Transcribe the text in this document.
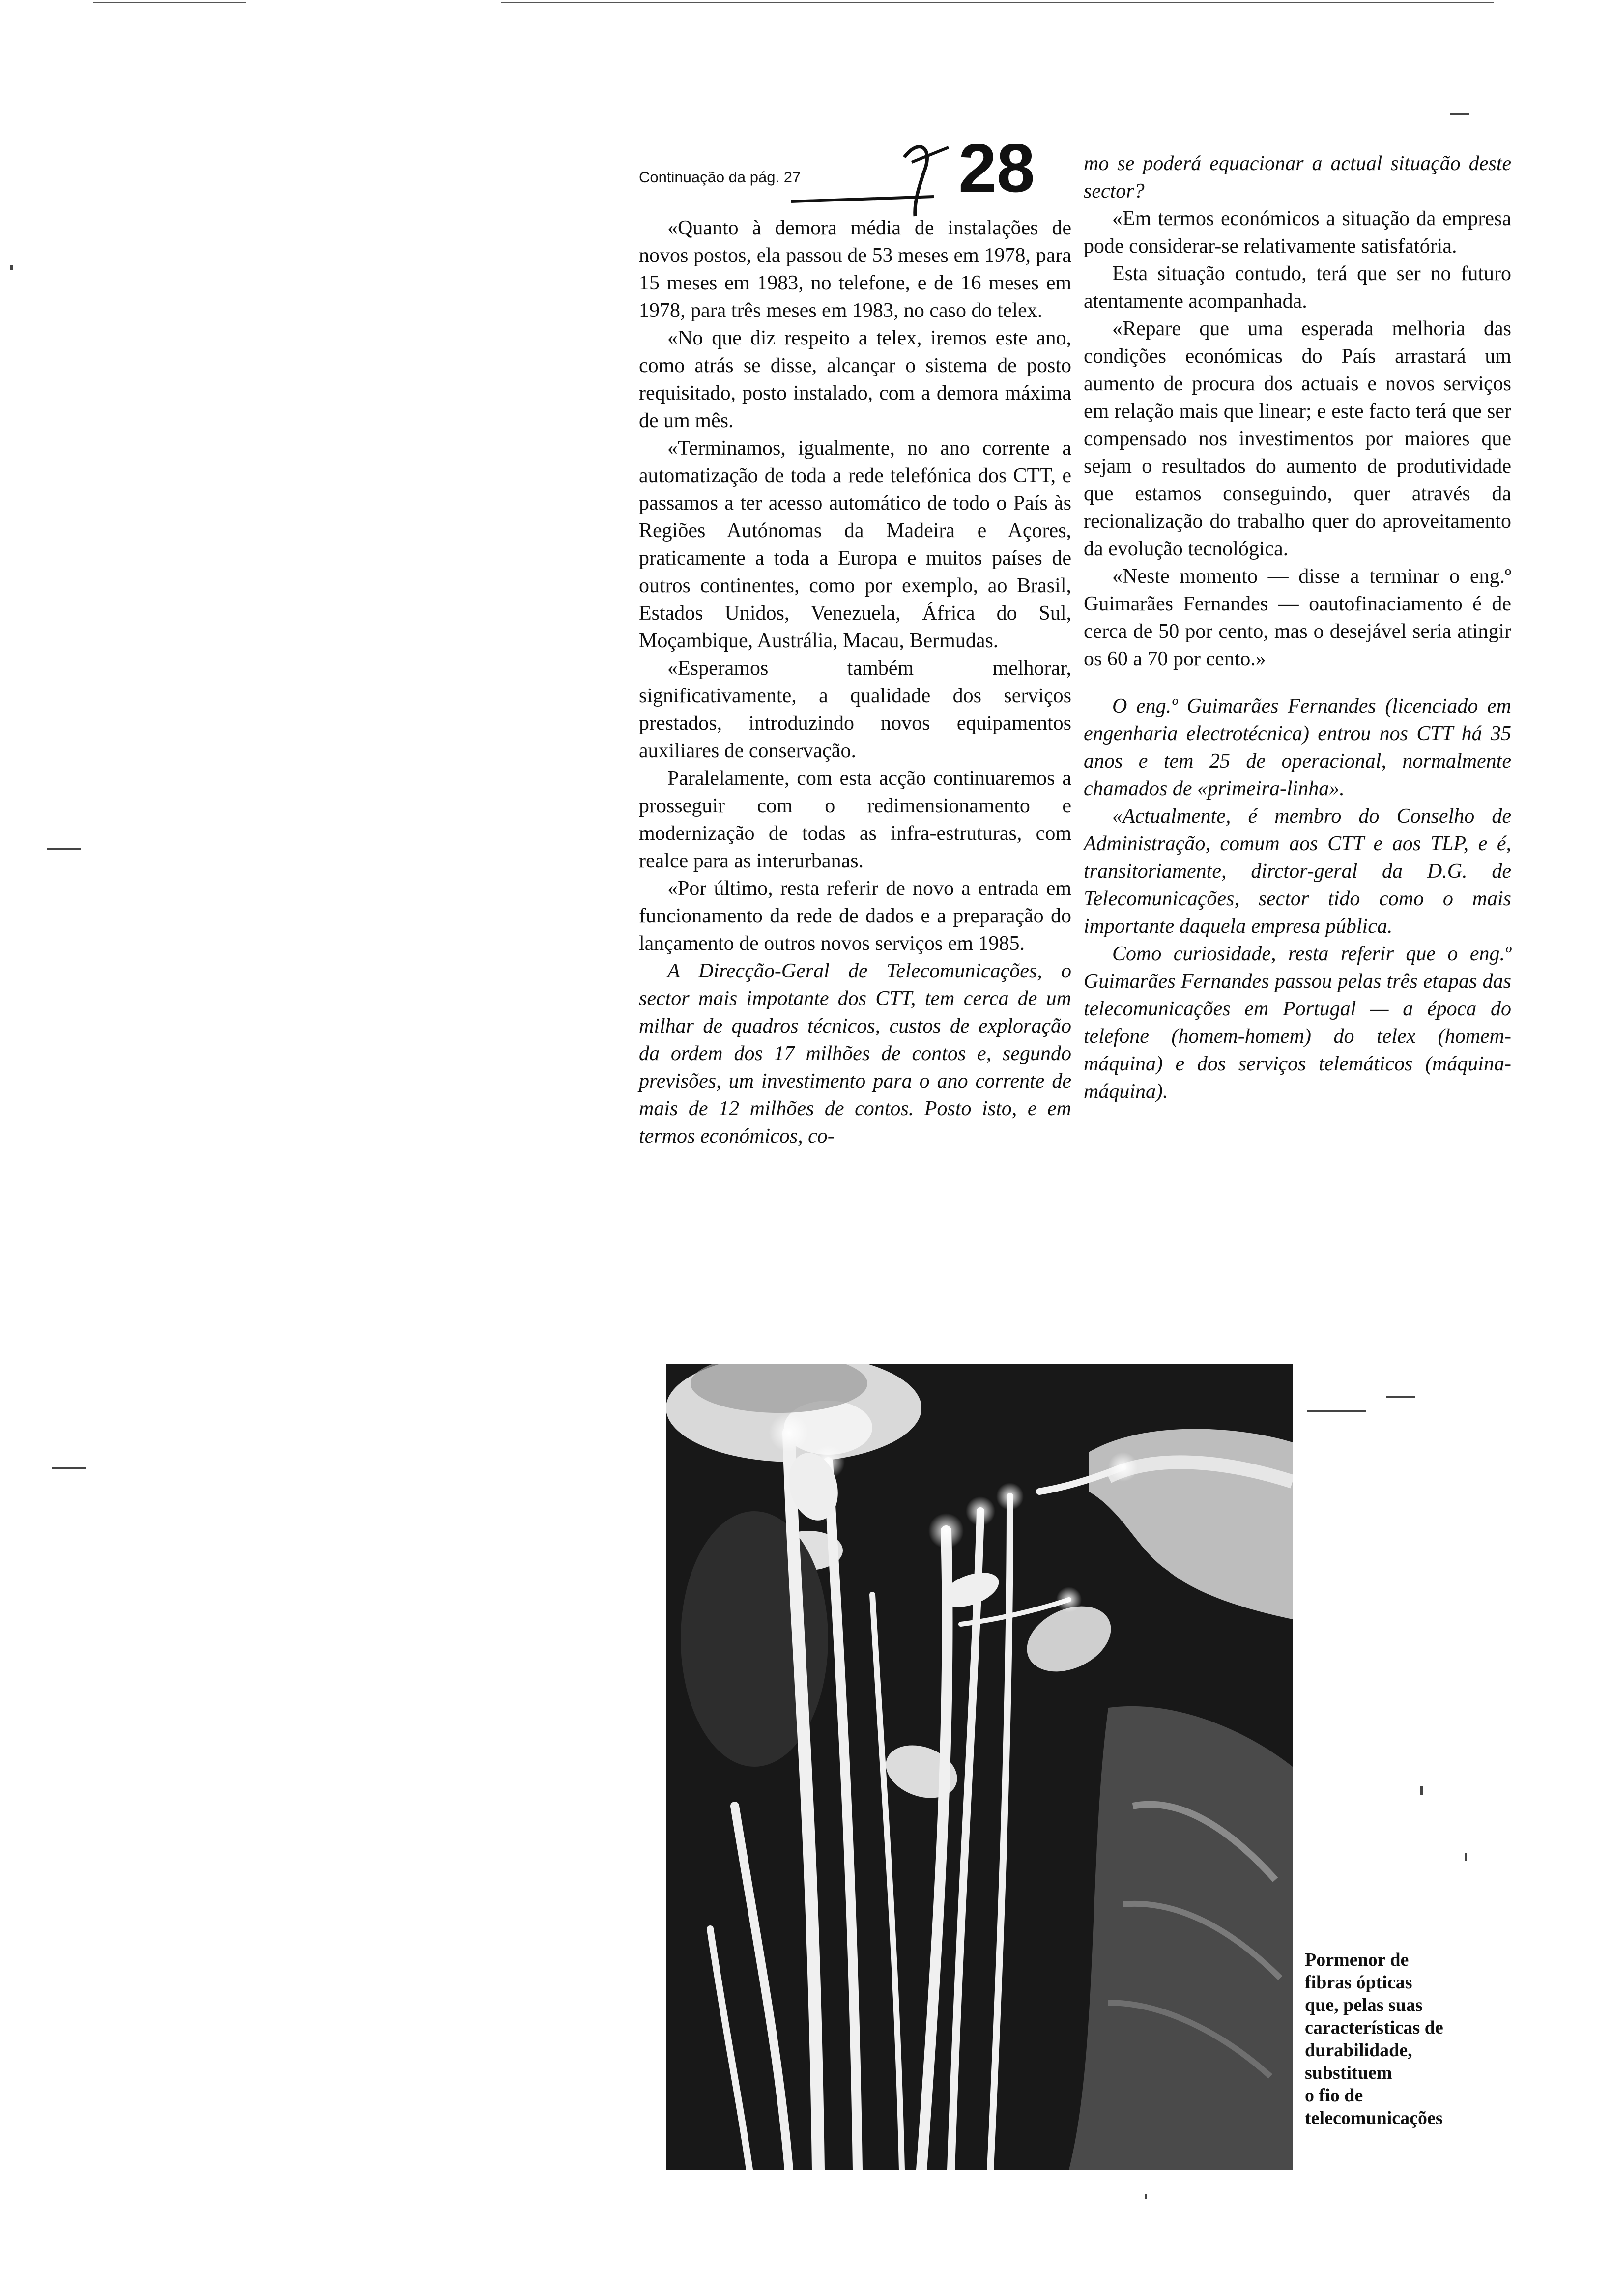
Continuação da pág. 27 28

«Quanto à demora média de instalações de novos postos, ela passou de 53 meses em 1978, para 15 meses em 1983, no telefone, e de 16 meses em 1978, para três meses em 1983, no caso do telex.

«No que diz respeito a telex, iremos este ano, como atrás se disse, alcançar o sistema de posto requisitado, posto instalado, com a demora máxima de um mês.

«Terminamos, igualmente, no ano corrente a automatização de toda a rede telefónica dos CTT, e passamos a ter acesso automático de todo o País às Regiões Autónomas da Madeira e Açores, praticamente a toda a Europa e muitos países de outros continentes, como por exemplo, ao Brasil, Estados Unidos, Venezuela, África do Sul, Moçambique, Austrália, Macau, Bermudas.

«Esperamos também melhorar, significativamente, a qualidade dos serviços prestados, introduzindo novos equipamentos auxiliares de conservação.

Paralelamente, com esta acção continuaremos a prosseguir com o redimensionamento e modernização de todas as infra-estruturas, com realce para as interurbanas.

«Por último, resta referir de novo a entrada em funcionamento da rede de dados e a preparação do lançamento de outros novos serviços em 1985.

A Direcção-Geral de Telecomunicações, o sector mais impotante dos CTT, tem cerca de um milhar de quadros técnicos, custos de exploração da ordem dos 17 milhões de contos e, segundo previsões, um investimento para o ano corrente de mais de 12 milhões de contos. Posto isto, e em termos económicos, co-

mo se poderá equacionar a actual situação deste sector?

«Em termos económicos a situação da empresa pode considerar-se relativamente satisfatória.

Esta situação contudo, terá que ser no futuro atentamente acompanhada.

«Repare que uma esperada melhoria das condições económicas do País arrastará um aumento de procura dos actuais e novos serviços em relação mais que linear; e este facto terá que ser compensado nos investimentos por maiores que sejam o resultados do aumento de produtividade que estamos conseguindo, quer através da recionalização do trabalho quer do aproveitamento da evolução tecnológica.

«Neste momento — disse a terminar o eng.º Guimarães Fernandes — oautofinaciamento é de cerca de 50 por cento, mas o desejável seria atingir os 60 a 70 por cento.»

O eng.º Guimarães Fernandes (licenciado em engenharia electrotécnica) entrou nos CTT há 35 anos e tem 25 de operacional, normalmente chamados de «primeira-linha».

«Actualmente, é membro do Conselho de Administração, comum aos CTT e aos TLP, e é, transitoriamente, dirctor-geral da D.G. de Telecomunicações, sector tido como o mais importante daquela empresa pública.

Como curiosidade, resta referir que o eng.º Guimarães Fernandes passou pelas três etapas das telecomunicações em Portugal — a época do telefone (homem-homem) do telex (homem-máquina) e dos serviços telemáticos (máquina-máquina).

Pormenor de
fibras ópticas
que, pelas suas
características de
durabilidade,
substituem
o fio de
telecomunicações
